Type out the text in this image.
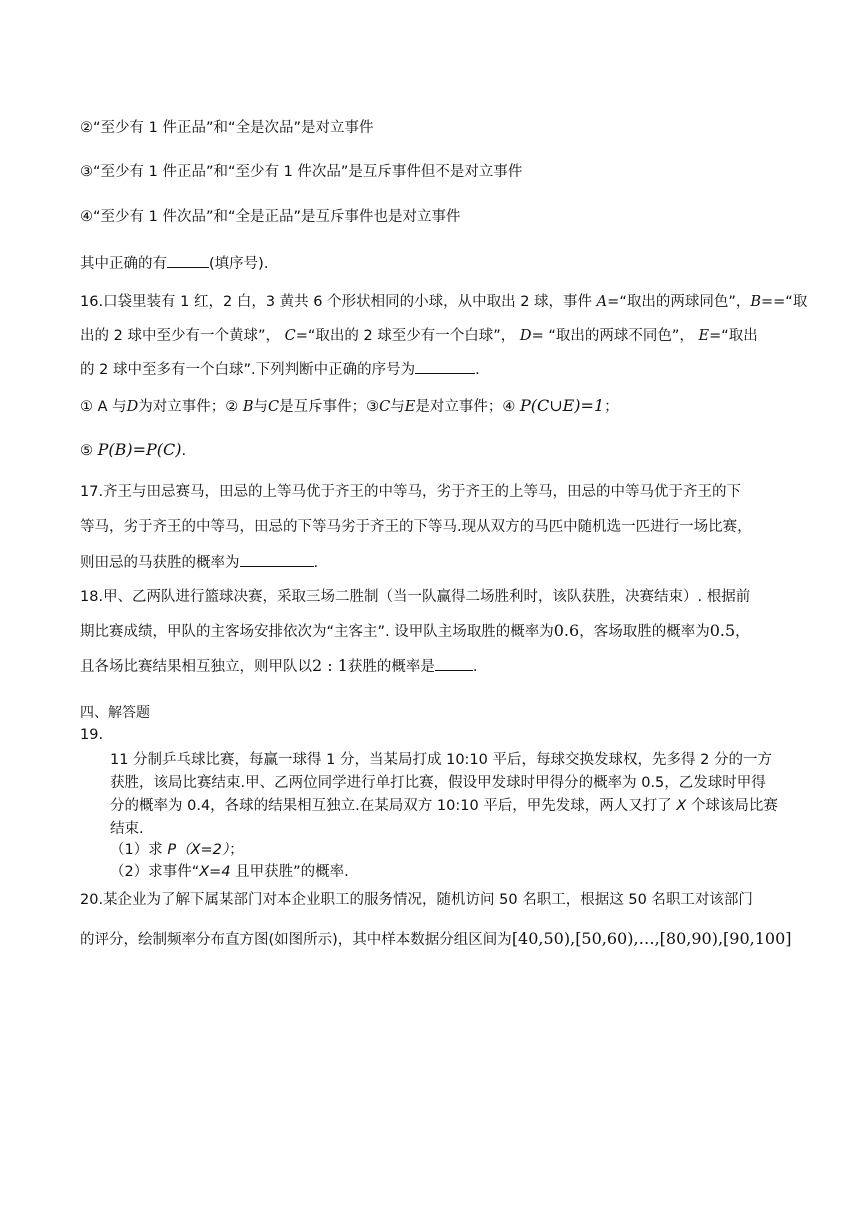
②“至少有 1 件正品”和“全是次品”是对立事件
③“至少有 1 件正品”和“至少有 1 件次品”是互斥事件但不是对立事件
④“至少有 1 件次品”和“全是正品”是互斥事件也是对立事件
其中正确的有	(填序号).
16.口袋里装有 1 红，2 白，3 黄共 6 个形状相同的小球，从中取出 2 球，事件 A=“取出的两球同色”，B==“取
出的 2 球中至少有一个黄球”， C=“取出的 2 球至少有一个白球”， D= “取出的两球不同色”， E=“取出
的 2 球中至多有一个白球”.下列判断中正确的序号为	.
① A 与D为对立事件；② B与C是互斥事件；③C与E是对立事件；④ P(C∪E)=1；
⑤ P(B)=P(C).
17.齐王与田忌赛马，田忌的上等马优于齐王的中等马，劣于齐王的上等马，田忌的中等马优于齐王的下
等马，劣于齐王的中等马，田忌的下等马劣于齐王的下等马.现从双方的马匹中随机选一匹进行一场比赛，
则田忌的马获胜的概率为	.
18.甲、乙两队进行篮球决赛，采取三场二胜制（当一队赢得二场胜利时，该队获胜，决赛结束）. 根据前
期比赛成绩，甲队的主客场安排依次为“主客主”. 设甲队主场取胜的概率为0.6，客场取胜的概率为0.5，
且各场比赛结果相互独立，则甲队以2 : 1获胜的概率是	.
四、解答题
19.
11 分制乒乓球比赛，每赢一球得 1 分，当某局打成 10:10 平后，每球交换发球权，先多得 2 分的一方
获胜，该局比赛结束.甲、乙两位同学进行单打比赛，假设甲发球时甲得分的概率为 0.5，乙发球时甲得
分的概率为 0.4，各球的结果相互独立.在某局双方 10:10 平后，甲先发球，两人又打了 X 个球该局比赛
结束.
（1）求 P（X=2）；
（2）求事件“X=4 且甲获胜”的概率.
20.某企业为了解下属某部门对本企业职工的服务情况，随机访问 50 名职工，根据这 50 名职工对该部门
的评分，绘制频率分布直方图(如图所示)，其中样本数据分组区间为[40,50),[50,60),…,[80,90),[90,100]
